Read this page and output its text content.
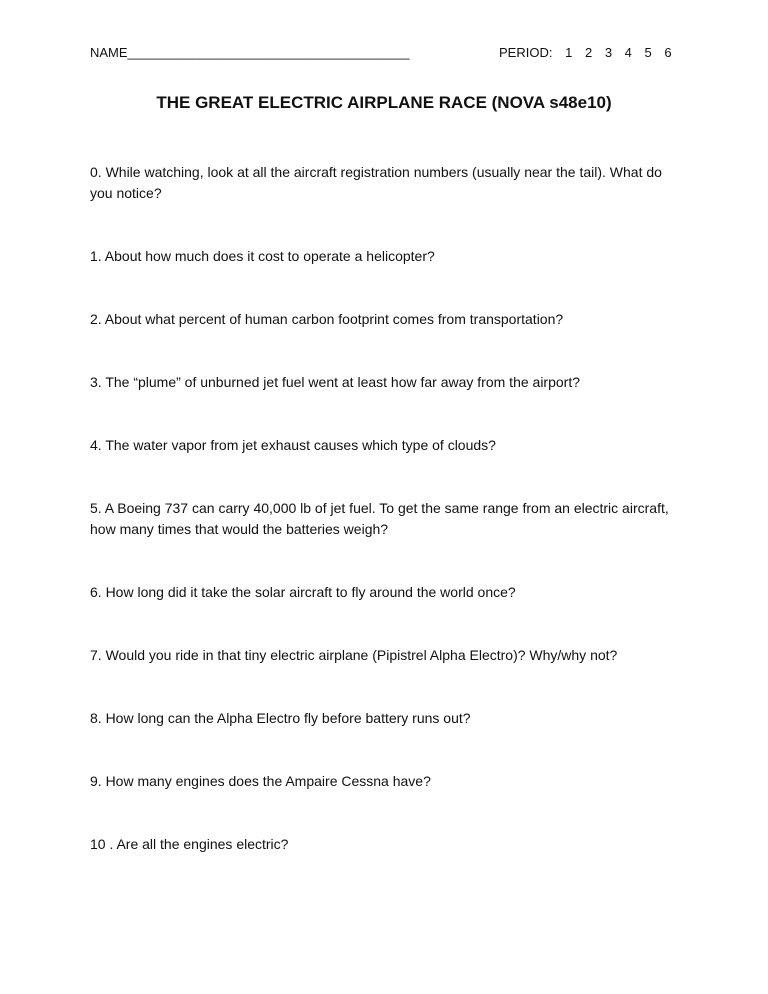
NAME_______________________________________	PERIOD: 1 2 3 4 5 6
THE GREAT ELECTRIC AIRPLANE RACE (NOVA s48e10)
0. While watching, look at all the aircraft registration numbers (usually near the tail). What do you notice?
1. About how much does it cost to operate a helicopter?
2. About what percent of human carbon footprint comes from transportation?
3. The “plume” of unburned jet fuel went at least how far away from the airport?
4. The water vapor from jet exhaust causes which type of clouds?
5. A Boeing 737 can carry 40,000 lb of jet fuel. To get the same range from an electric aircraft, how many times that would the batteries weigh?
6. How long did it take the solar aircraft to fly around the world once?
7. Would you ride in that tiny electric airplane (Pipistrel Alpha Electro)? Why/why not?
8. How long can the Alpha Electro fly before battery runs out?
9. How many engines does the Ampaire Cessna have?
10 . Are all the engines electric?
